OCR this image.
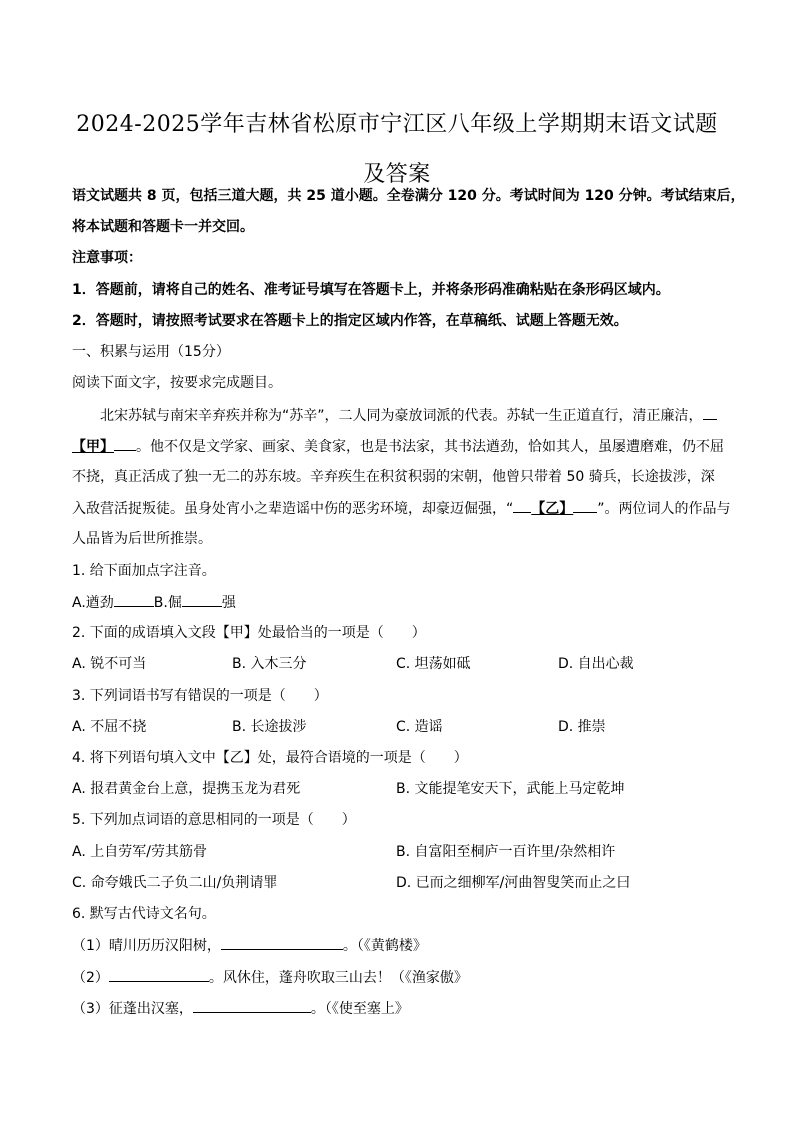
2024-2025学年吉林省松原市宁江区八年级上学期期末语文试题及答案
语文试题共 8 页，包括三道大题，共 25 道小题。全卷满分 120 分。考试时间为 120 分钟。考试结束后，
将本试题和答题卡一并交回。
注意事项：
1．答题前，请将自己的姓名、准考证号填写在答题卡上，并将条形码准确粘贴在条形码区域内。
2．答题时，请按照考试要求在答题卡上的指定区域内作答，在草稿纸、试题上答题无效。
一、积累与运用（15分）
阅读下面文字，按要求完成题目。
北宋苏轼与南宋辛弃疾并称为“苏辛”，二人同为豪放词派的代表。苏轼一生正道直行，清正廉洁，
【甲】 。他不仅是文学家、画家、美食家，也是书法家，其书法遒劲，恰如其人，虽屡遭磨难，仍不屈
不挠，真正活成了独一无二的苏东坡。辛弃疾生在积贫积弱的宋朝，他曾只带着 50 骑兵，长途拔涉，深
入敌营活捉叛徒。虽身处宵小之辈造谣中伤的恶劣环境，却豪迈倔强，“ 【乙】 ”。两位词人的作品与
人品皆为后世所推崇。
1. 给下面加点字注音。
A.遒劲	B.倔	强
2. 下面的成语填入文段【甲】处最恰当的一项是（　　）
A. 锐不可当	B. 入木三分	C. 坦荡如砥	D. 自出心裁
3. 下列词语书写有错误的一项是（　　）
A. 不屈不挠	B. 长途拔涉	C. 造谣	D. 推崇
4. 将下列语句填入文中【乙】处，最符合语境的一项是（　　）
A. 报君黄金台上意，提携玉龙为君死	B. 文能提笔安天下，武能上马定乾坤
5. 下列加点词语的意思相同的一项是（　　）
A. 上自劳军/劳其筋骨	B. 自富阳至桐庐一百许里/杂然相许
C. 命夸娥氏二子负二山/负荆请罪	D. 已而之细柳军/河曲智叟笑而止之曰
6. 默写古代诗文名句。
（1）晴川历历汉阳树，	。（《黄鹤楼》
（2）	。风休住，蓬舟吹取三山去！（《渔家傲》
（3）征蓬出汉塞，	。（《使至塞上》
